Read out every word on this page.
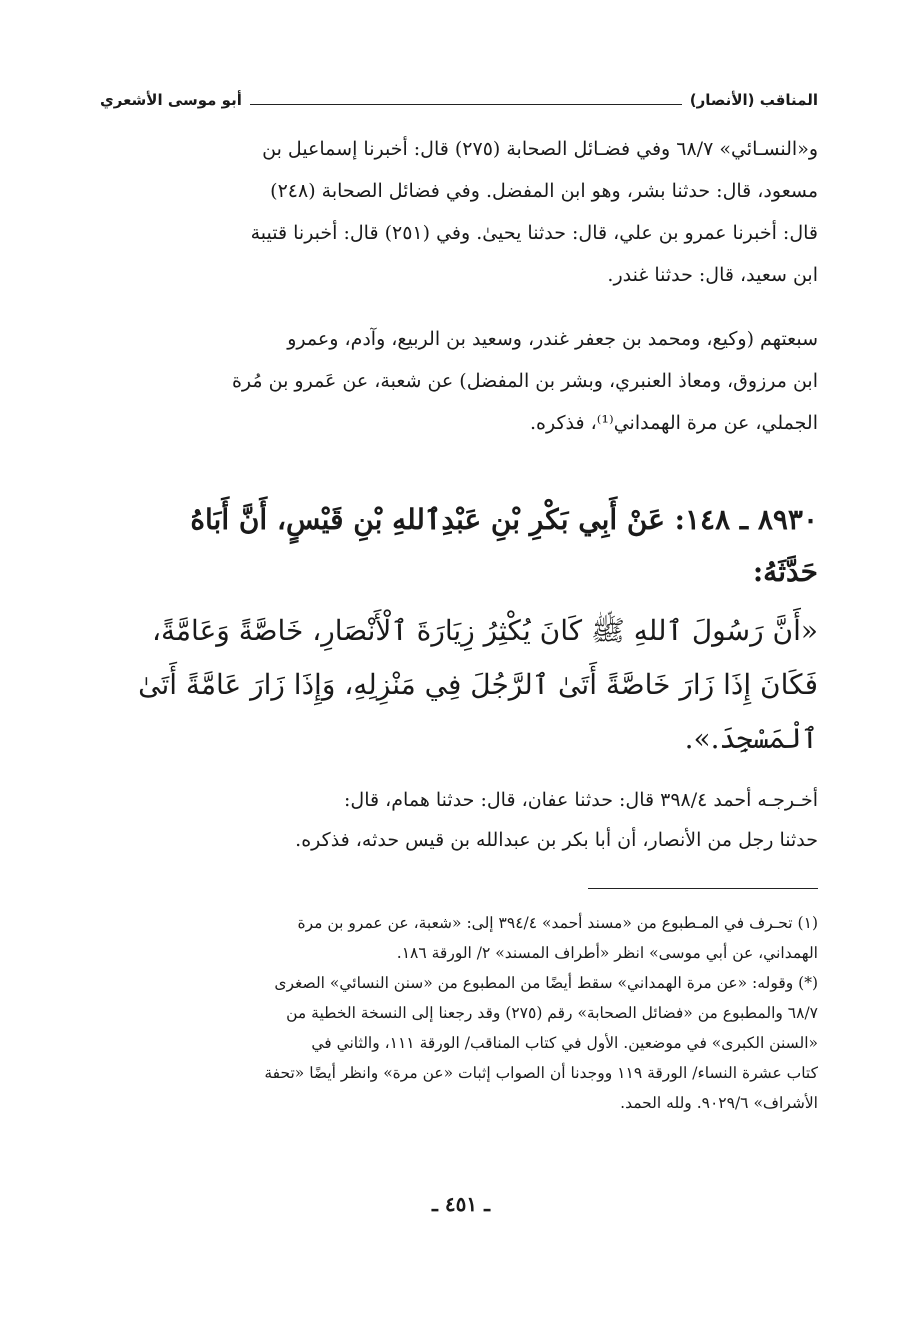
المناقب (الأنصار)
أبو موسى الأشعري
و«النسـائي» ٦٨/٧ وفي فضـائل الصحابة (٢٧٥) قال: أخبرنا إسماعيل بن
مسعود، قال: حدثنا بشر، وهو ابن المفضل. وفي فضائل الصحابة (٢٤٨)
قال: أخبرنا عمرو بن علي، قال: حدثنا يحيىٰ. وفي (٢٥١) قال: أخبرنا قتيبة
ابن سعيد، قال: حدثنا غندر.
سبعتهم (وكيع، ومحمد بن جعفر غندر، وسعيد بن الربيع، وآدم، وعمرو
ابن مرزوق، ومعاذ العنبري، وبشر بن المفضل) عن شعبة، عن عَمرو بن مُرة
الجملي، عن مرة الهمداني⁽¹⁾، فذكره.
٨٩٣٠ ـ ١٤٨: عَنْ أَبِي بَكْرِ بْنِ عَبْدِٱللهِ بْنِ قَيْسٍ، أَنَّ أَبَاهُ
حَدَّثَهُ:
«أَنَّ رَسُولَ ٱللهِ ﷺ كَانَ يُكْثِرُ زِيَارَةَ ٱلْأَنْصَارِ، خَاصَّةً وَعَامَّةً،
فَكَانَ إِذَا زَارَ خَاصَّةً أَتَىٰ ٱلرَّجُلَ فِي مَنْزِلِهِ، وَإِذَا زَارَ عَامَّةً أَتَىٰ
ٱلْمَسْجِدَ.».
أخـرجـه أحمد ٣٩٨/٤ قال: حدثنا عفان، قال: حدثنا همام، قال:
حدثنا رجل من الأنصار، أن أبا بكر بن عبدالله بن قيس حدثه، فذكره.
(١) تحـرف في المـطبوع من «مسند أحمد» ٣٩٤/٤ إلى: «شعبة، عن عمرو بن مرة
الهمداني، عن أبي موسى» انظر «أطراف المسند» ٢/ الورقة ١٨٦.
(*) وقوله: «عن مرة الهمداني» سقط أيضًا من المطبوع من «سنن النسائي» الصغرى
٦٨/٧ والمطبوع من «فضائل الصحابة» رقم (٢٧٥) وقد رجعنا إلى النسخة الخطية من
«السنن الكبرى» في موضعين. الأول في كتاب المناقب/ الورقة ١١١، والثاني في
كتاب عشرة النساء/ الورقة ١١٩ ووجدنا أن الصواب إثبات «عن مرة» وانظر أيضًا «تحفة
الأشراف» ٩٠٢٩/٦. ولله الحمد.
ـ ٤٥١ ـ
